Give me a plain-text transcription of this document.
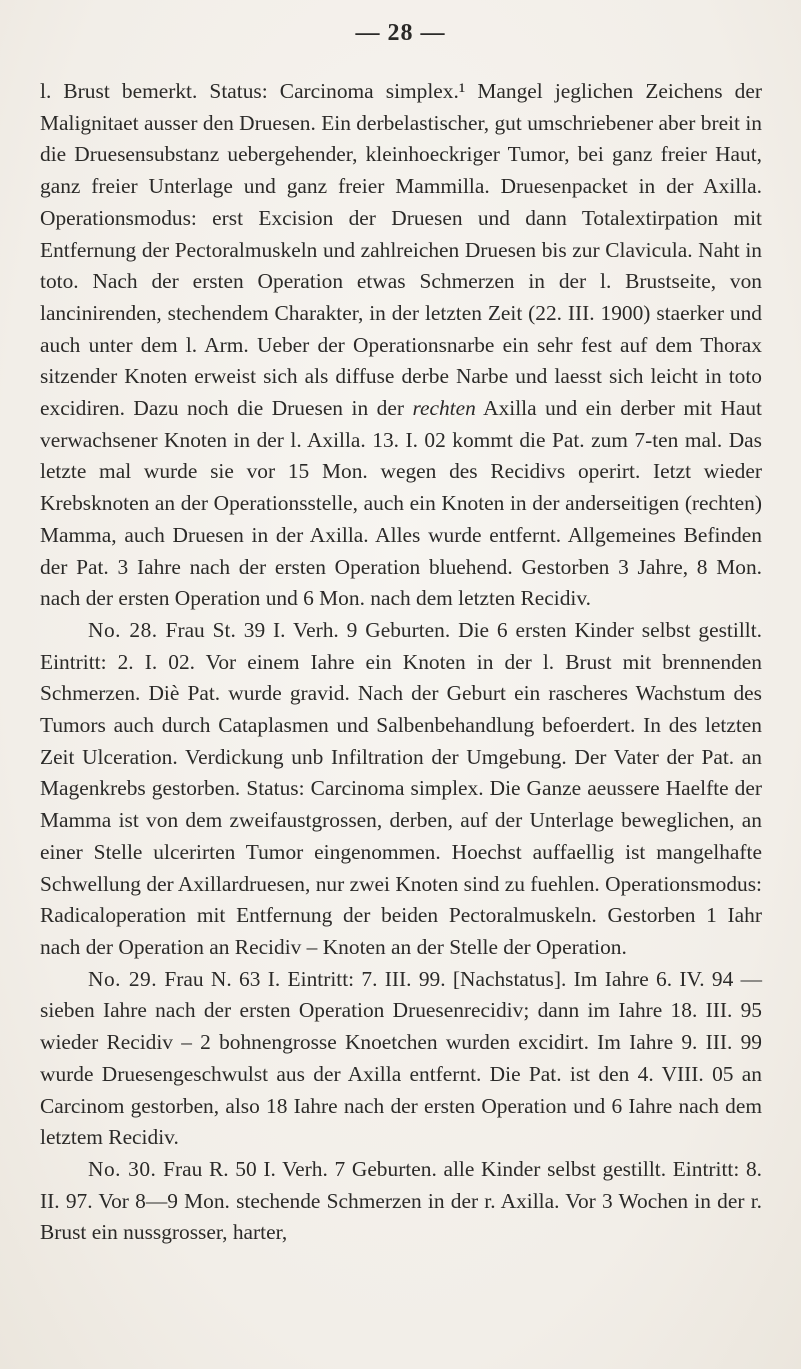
— 28 —

l. Brust bemerkt. Status: Carcinoma simplex.¹ Mangel jeglichen Zeichens der Malignitaet ausser den Druesen. Ein derbelastischer, gut umschriebener aber breit in die Druesensubstanz uebergehender, kleinhoeckriger Tumor, bei ganz freier Haut, ganz freier Unterlage und ganz freier Mammilla. Druesenpacket in der Axilla. Operationsmodus: erst Excision der Druesen und dann Totalextirpation mit Entfernung der Pectoralmuskeln und zahlreichen Druesen bis zur Clavicula. Naht in toto. Nach der ersten Operation etwas Schmerzen in der l. Brustseite, von lancinirenden, stechendem Charakter, in der letzten Zeit (22. III. 1900) staerker und auch unter dem l. Arm. Ueber der Operationsnarbe ein sehr fest auf dem Thorax sitzender Knoten erweist sich als diffuse derbe Narbe und laesst sich leicht in toto excidiren. Dazu noch die Druesen in der rechten Axilla und ein derber mit Haut verwachsener Knoten in der l. Axilla. 13. I. 02 kommt die Pat. zum 7-ten mal. Das letzte mal wurde sie vor 15 Mon. wegen des Recidivs operirt. Ietzt wieder Krebsknoten an der Operationsstelle, auch ein Knoten in der anderseitigen (rechten) Mamma, auch Druesen in der Axilla. Alles wurde entfernt. Allgemeines Befinden der Pat. 3 Iahre nach der ersten Operation bluehend. Gestorben 3 Jahre, 8 Mon. nach der ersten Operation und 6 Mon. nach dem letzten Recidiv.

No. 28. Frau St. 39 I. Verh. 9 Geburten. Die 6 ersten Kinder selbst gestillt. Eintritt: 2. I. 02. Vor einem Iahre ein Knoten in der l. Brust mit brennenden Schmerzen. Diè Pat. wurde gravid. Nach der Geburt ein rascheres Wachstum des Tumors auch durch Cataplasmen und Salbenbehandlung befoerdert. In des letzten Zeit Ulceration. Verdickung unb Infiltration der Umgebung. Der Vater der Pat. an Magenkrebs gestorben. Status: Carcinoma simplex. Die Ganze aeussere Haelfte der Mamma ist von dem zweifaustgrossen, derben, auf der Unterlage beweglichen, an einer Stelle ulcerirten Tumor eingenommen. Hoechst auffaellig ist mangelhafte Schwellung der Axillardruesen, nur zwei Knoten sind zu fuehlen. Operationsmodus: Radicaloperation mit Entfernung der beiden Pectoralmuskeln. Gestorben 1 Iahr nach der Operation an Recidiv – Knoten an der Stelle der Operation.

No. 29. Frau N. 63 I. Eintritt: 7. III. 99. [Nachstatus]. Im Iahre 6. IV. 94 — sieben Iahre nach der ersten Operation Druesenrecidiv; dann im Iahre 18. III. 95 wieder Recidiv – 2 bohnengrosse Knoetchen wurden excidirt. Im Iahre 9. III. 99 wurde Druesengeschwulst aus der Axilla entfernt. Die Pat. ist den 4. VIII. 05 an Carcinom gestorben, also 18 Iahre nach der ersten Operation und 6 Iahre nach dem letztem Recidiv.

No. 30. Frau R. 50 I. Verh. 7 Geburten. alle Kinder selbst gestillt. Eintritt: 8. II. 97. Vor 8—9 Mon. stechende Schmerzen in der r. Axilla. Vor 3 Wochen in der r. Brust ein nussgrosser, harter,
